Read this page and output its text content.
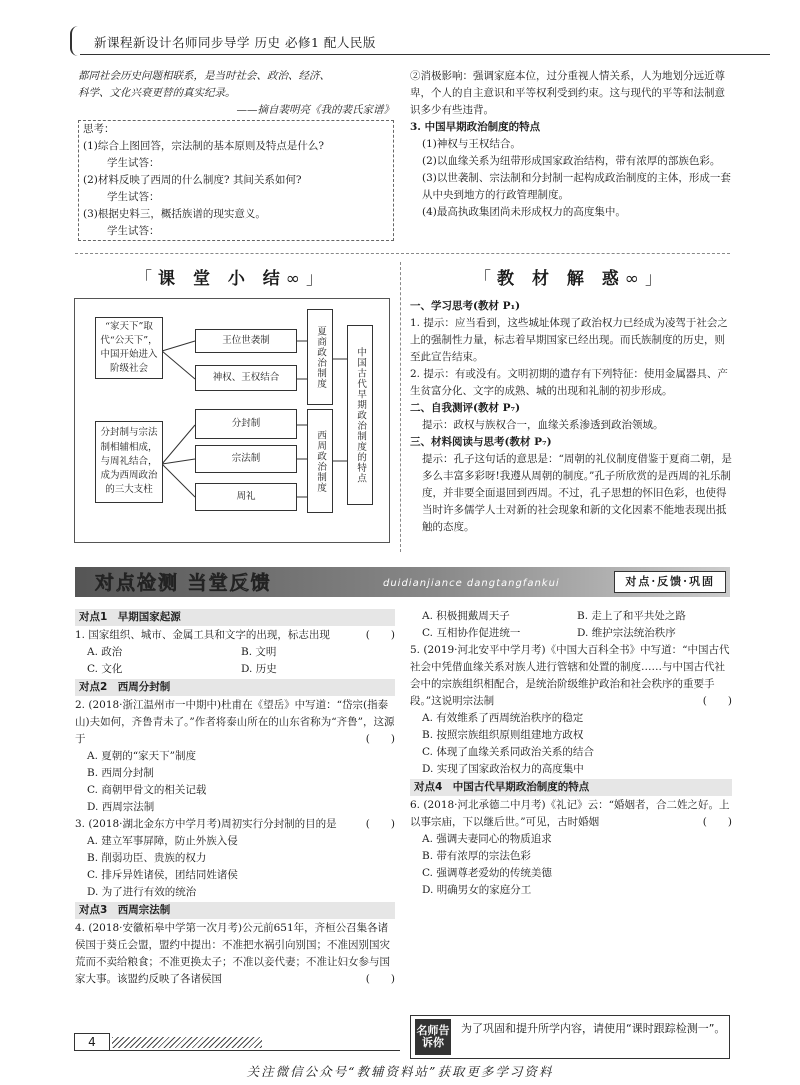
新课程新设计名师同步导学 历史 必修1 配人民版

都同社会历史问题相联系，是当时社会、政治、经济、

科学、文化兴衰更替的真实纪录。

——摘自裴明亮《我的裴氏家谱》

思考：

(1)综合上图回答，宗法制的基本原则及特点是什么?

学生试答：

(2)材料反映了西周的什么制度? 其间关系如何?

学生试答：

(3)根据史料三，概括族谱的现实意义。

学生试答：

②消极影响：强调家庭本位，过分重视人情关系，人为地划分远近尊卑，个人的自主意识和平等权利受到约束。这与现代的平等和法制意识多少有些违背。

3. 中国早期政治制度的特点

(1)神权与王权结合。

(2)以血缘关系为纽带形成国家政治结构，带有浓厚的部族色彩。

(3)以世袭制、宗法制和分封制一起构成政治制度的主体，形成一套从中央到地方的行政管理制度。

(4)最高执政集团尚未形成权力的高度集中。

「课 堂 小 结∞」
“家天下”取代“公天下”，中国开始进入阶级社会
王位世袭制
神权、王权结合	夏商政治制度
分封制与宗法制相辅相成，与周礼结合，成为西周政治的三大支柱
分封制
宗法制
周礼
西周政治制度	中国古代早期政治制度的特点
「教 材 解 惑∞」

一、学习思考(教材 P₁)

1. 提示：应当看到，这些城址体现了政治权力已经成为凌驾于社会之上的强制性力量，标志着早期国家已经出现。而氏族制度的历史，则至此宣告结束。

2. 提示：有或没有。文明初期的遗存有下列特征：使用金属器具、产生贫富分化、文字的成熟、城的出现和礼制的初步形成。

二、自我测评(教材 P₇)

提示：政权与族权合一，血缘关系渗透到政治领域。

三、材料阅读与思考(教材 P₇)

提示：孔子这句话的意思是：“周朝的礼仪制度借鉴于夏商二朝，是多么丰富多彩呀!我遵从周朝的制度。”孔子所欣赏的是西周的礼乐制度，并非要全面退回到西周。不过，孔子思想的怀旧色彩，也使得当时许多儒学人士对新的社会现象和新的文化因素不能地表现出抵触的态度。

对点检测 当堂反馈	duidianjiance dangtangfankui	对点·反馈·巩固
对点1　早期国家起源

1. 国家组织、城市、金属工具和文字的出现，标志出现	(　　)

A. 政治	B. 文明
C. 文化	D. 历史
对点2　西周分封制

2. (2018·浙江温州市一中期中)杜甫在《望岳》中写道：“岱宗(指泰山)夫如何，齐鲁青未了。”作者将泰山所在的山东省称为“齐鲁”，这源于	(　　)

A. 夏朝的“家天下”制度

B. 西周分封制

C. 商朝甲骨文的相关记载

D. 西周宗法制

3. (2018·湖北金东方中学月考)周初实行分封制的目的是	(　　)

A. 建立军事屏障，防止外族入侵

B. 削弱功臣、贵族的权力

C. 排斥异姓诸侯，团结同姓诸侯

D. 为了进行有效的统治

对点3　西周宗法制

4. (2018·安徽柘皋中学第一次月考)公元前651年，齐桓公召集各诸侯国于葵丘会盟，盟约中提出：不准把水祸引向别国；不准因别国灾荒而不卖给粮食；不准更换太子；不准以妾代妻；不准让妇女参与国家大事。该盟约反映了各诸侯国	(　　)

A. 积极拥戴周天子	B. 走上了和平共处之路
C. 互相协作促进统一	D. 维护宗法统治秩序

5. (2019·河北安平中学月考)《中国大百科全书》中写道：“中国古代社会中凭借血缘关系对族人进行管辖和处置的制度……与中国古代社会中的宗族组织相配合，是统治阶级维护政治和社会秩序的重要手段。”这说明宗法制	(　　)

A. 有效维系了西周统治秩序的稳定

B. 按照宗族组织原则组建地方政权

C. 体现了血缘关系同政治关系的结合

D. 实现了国家政治权力的高度集中

对点4　中国古代早期政治制度的特点

6. (2018·河北承德二中月考)《礼记》云：“婚姻者，合二姓之好。上以事宗庙，下以继后世。”可见，古时婚姻	(　　)

A. 强调夫妻同心的物质追求

B. 带有浓厚的宗法色彩

C. 强调尊老爱幼的传统美德

D. 明确男女的家庭分工

名师告诉你
为了巩固和提升所学内容，请使用“课时跟踪检测一”。
4
关注微信公众号“教辅资料站”获取更多学习资料
